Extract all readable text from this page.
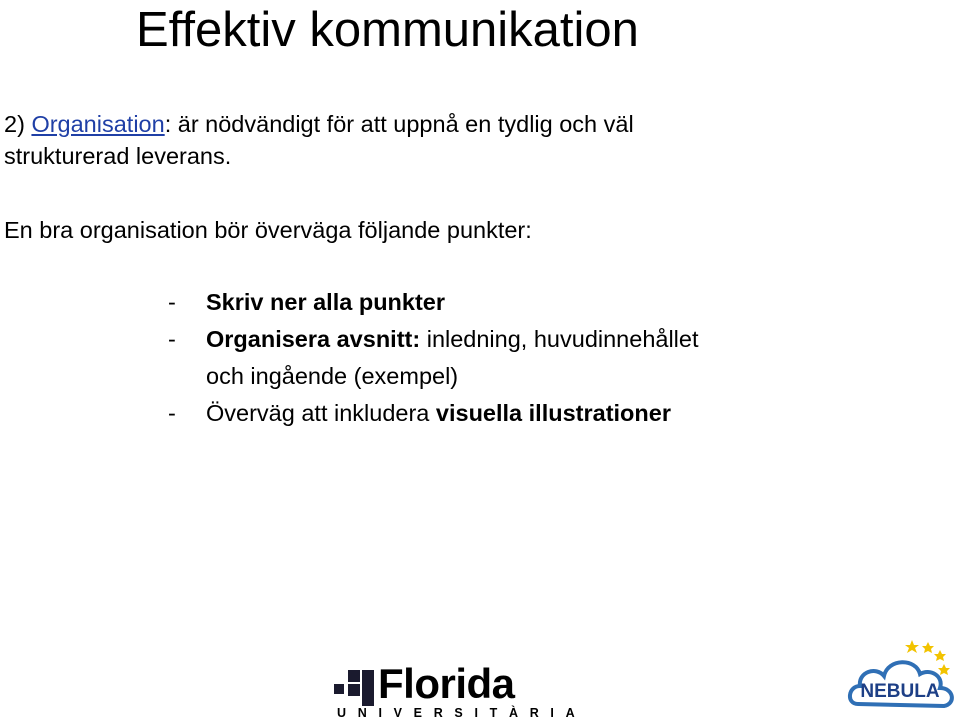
Effektiv kommunikation
2) Organisation: är nödvändigt för att uppnå en tydlig och väl
strukturerad leverans.
En bra organisation bör överväga följande punkter:
- Skriv ner alla punkter
- Organisera avsnitt: inledning, huvudinnehållet
och ingående (exempel)
- Överväg att inkludera visuella illustrationer
Florida
UNIVERSITÀRIA
NEBULA
